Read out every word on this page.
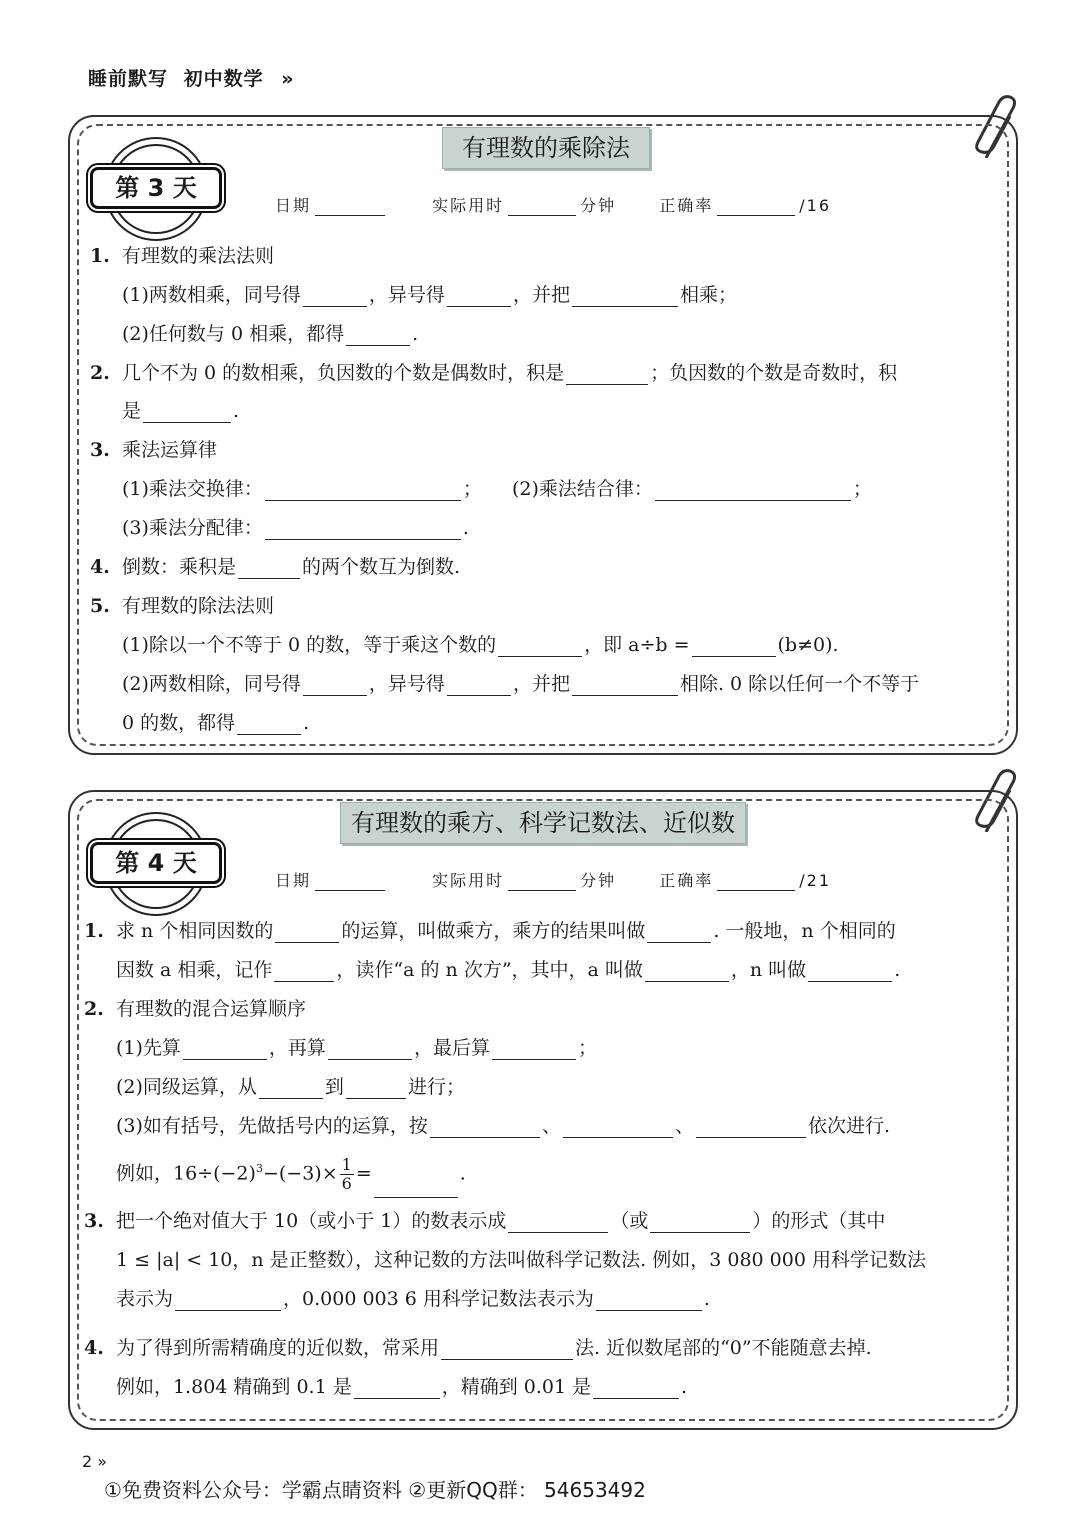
睡前默写 初中数学 »
有理数的乘除法
第 3 天
日期	实际用时	分钟	正确率	/16
1. 有理数的乘法法则
(1)两数相乘，同号得	，异号得	，并把	相乘；
(2)任何数与 0 相乘，都得	.
2. 几个不为 0 的数相乘，负因数的个数是偶数时，积是	；负因数的个数是奇数时，积
是	.
3. 乘法运算律
(1)乘法交换律：	； (2)乘法结合律：	；
(3)乘法分配律：	.
4. 倒数：乘积是	的两个数互为倒数.
5. 有理数的除法法则
(1)除以一个不等于 0 的数，等于乘这个数的	，即 a÷b =	(b≠0).
(2)两数相除，同号得	，异号得	，并把	相除. 0 除以任何一个不等于
0 的数，都得	.
有理数的乘方、科学记数法、近似数
第 4 天
日期	实际用时	分钟	正确率	/21
1. 求 n 个相同因数的	的运算，叫做乘方，乘方的结果叫做	. 一般地，n 个相同的
因数 a 相乘，记作	，读作“a 的 n 次方”，其中，a 叫做	，n 叫做	.
2. 有理数的混合运算顺序
(1)先算	，再算	，最后算	；
(2)同级运算，从	到	进行；
(3)如有括号，先做括号内的运算，按	、	、	依次进行.
例如，$16\div(-2)^3-(-3)\times \frac{1}{6}$ =	.
3. 把一个绝对值大于 10（或小于 1）的数表示成	（或	）的形式（其中
1 ≤ |a| < 10，n 是正整数），这种记数的方法叫做科学记数法. 例如，3 080 000 用科学记数法
表示为	，0.000 003 6 用科学记数法表示为	.
4. 为了得到所需精确度的近似数，常采用	法. 近似数尾部的“0”不能随意去掉.
例如，1.804 精确到 0.1 是	，精确到 0.01 是	.
2 »
①免费资料公众号：学霸点睛资料 ②更新QQ群： 54653492
